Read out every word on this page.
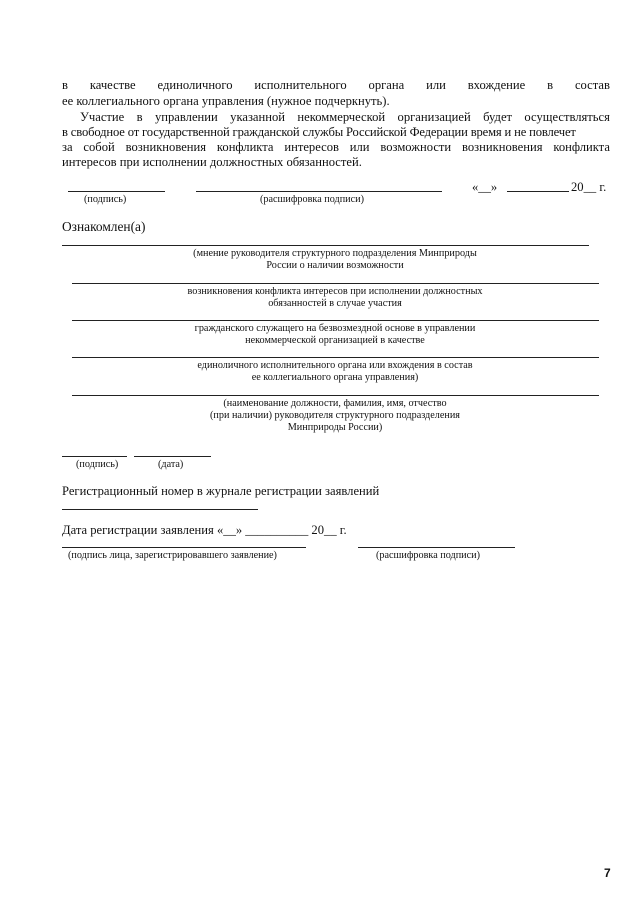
в качестве единоличного исполнительного органа или вхождение в состав
ее коллегиального органа управления (нужное подчеркнуть).
Участие в управлении указанной некоммерческой организацией будет осуществляться
в свободное от государственной гражданской службы Российской Федерации время и не повлечет
за собой возникновения конфликта интересов или возможности возникновения конфликта
интересов при исполнении должностных обязанностей.
«__»	20__ г.
(подпись)	(расшифровка подписи)
Ознакомлен(а)
(мнение руководителя структурного подразделения Минприроды
России о наличии возможности
возникновения конфликта интересов при исполнении должностных
обязанностей в случае участия
гражданского служащего на безвозмездной основе в управлении
некоммерческой организацией в качестве
единоличного исполнительного органа или вхождения в состав
ее коллегиального органа управления)
(наименование должности, фамилия, имя, отчество
(при наличии) руководителя структурного подразделения
Минприроды России)
(подпись)	(дата)
Регистрационный номер в журнале регистрации заявлений
Дата регистрации заявления «__» __________ 20__ г.
(подпись лица, зарегистрировавшего заявление)	(расшифровка подписи)
7
